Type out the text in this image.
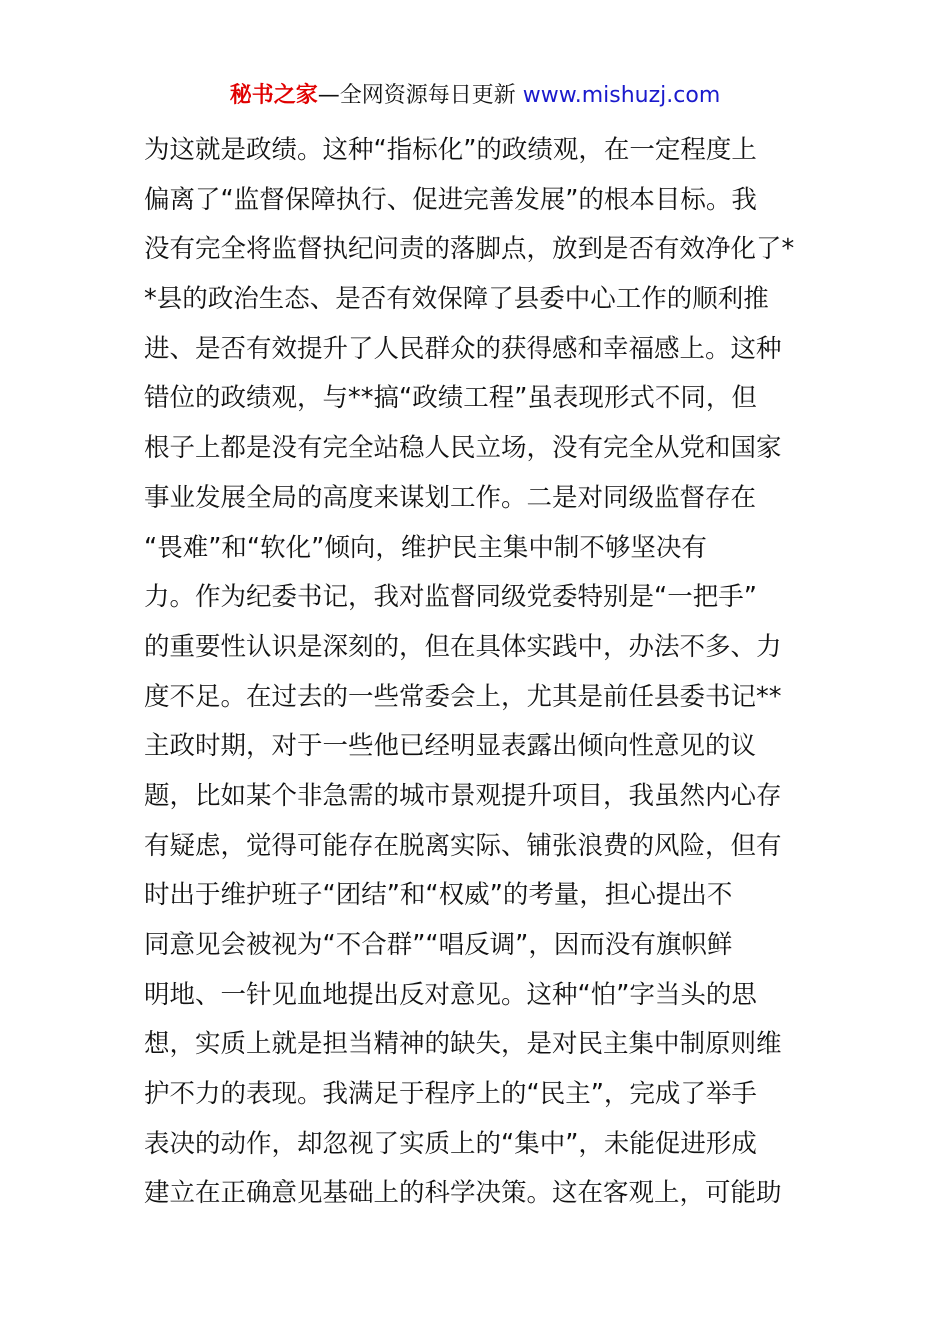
秘书之家—全网资源每日更新 www.mishuzj.com
为这就是政绩。这种“指标化”的政绩观，在一定程度上
偏离了“监督保障执行、促进完善发展”的根本目标。我
没有完全将监督执纪问责的落脚点，放到是否有效净化了*
*县的政治生态、是否有效保障了县委中心工作的顺利推
进、是否有效提升了人民群众的获得感和幸福感上。这种
错位的政绩观，与**搞“政绩工程”虽表现形式不同，但
根子上都是没有完全站稳人民立场，没有完全从党和国家
事业发展全局的高度来谋划工作。二是对同级监督存在
“畏难”和“软化”倾向，维护民主集中制不够坚决有
力。作为纪委书记，我对监督同级党委特别是“一把手”
的重要性认识是深刻的，但在具体实践中，办法不多、力
度不足。在过去的一些常委会上，尤其是前任县委书记**
主政时期，对于一些他已经明显表露出倾向性意见的议
题，比如某个非急需的城市景观提升项目，我虽然内心存
有疑虑，觉得可能存在脱离实际、铺张浪费的风险，但有
时出于维护班子“团结”和“权威”的考量，担心提出不
同意见会被视为“不合群”“唱反调”，因而没有旗帜鲜
明地、一针见血地提出反对意见。这种“怕”字当头的思
想，实质上就是担当精神的缺失，是对民主集中制原则维
护不力的表现。我满足于程序上的“民主”，完成了举手
表决的动作，却忽视了实质上的“集中”，未能促进形成
建立在正确意见基础上的科学决策。这在客观上，可能助
